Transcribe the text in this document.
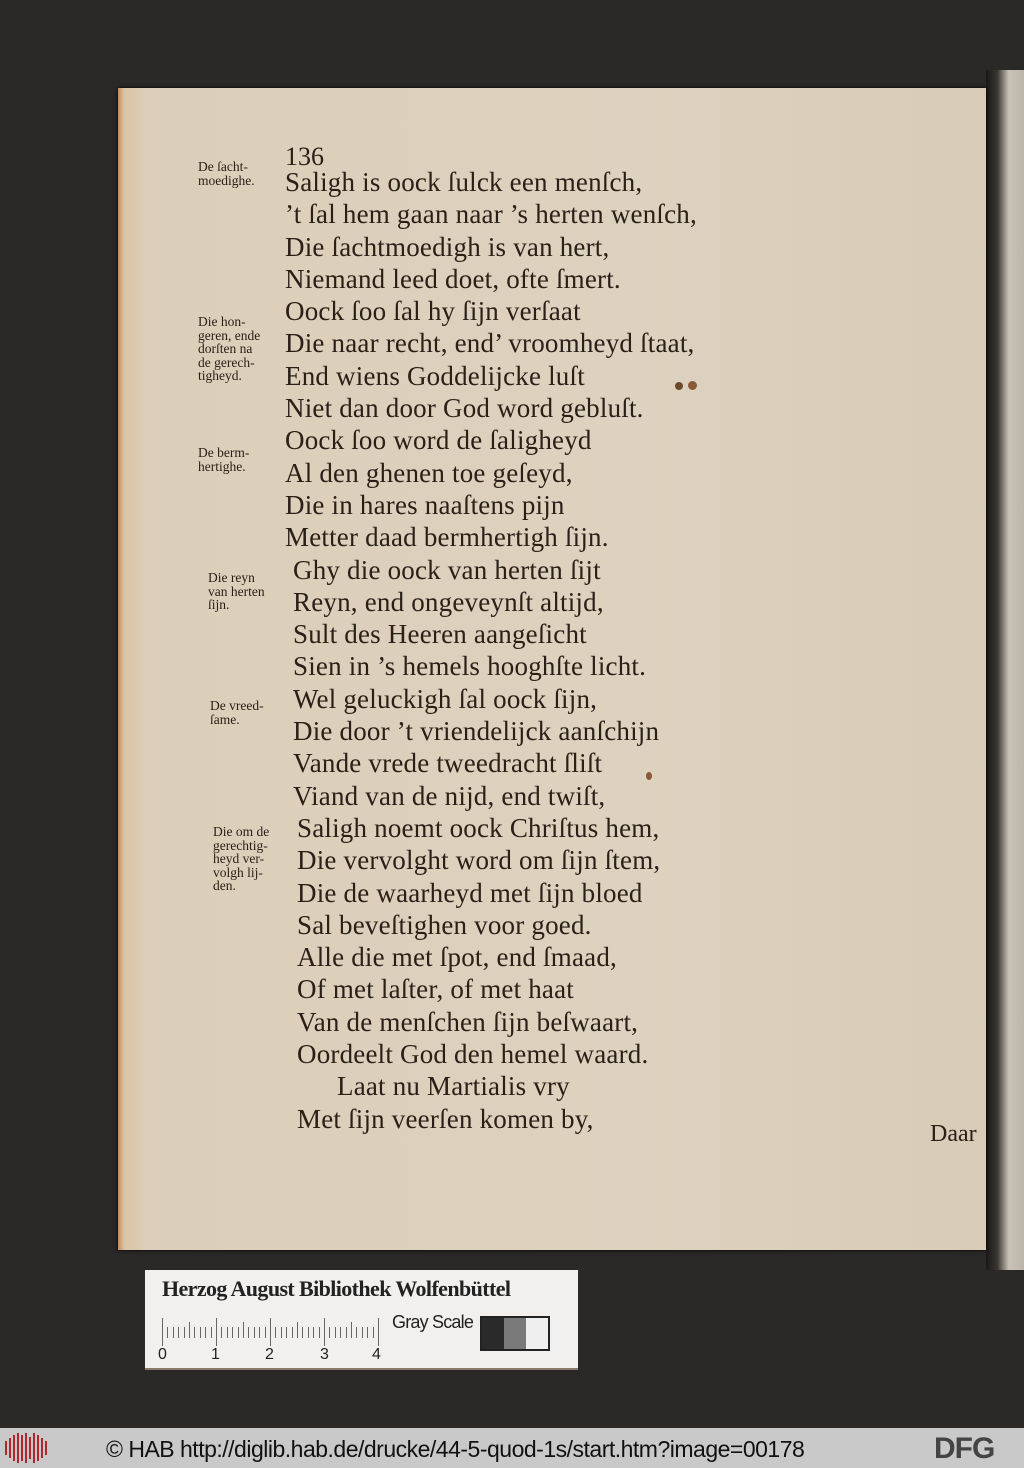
136
Saligh is oock ſulck een menſch,
’t ſal hem gaan naar ’s herten wenſch,
Die ſachtmoedigh is van hert,
Niemand leed doet, ofte ſmert.
Oock ſoo ſal hy ſijn verſaat
Die naar recht, end’ vroomheyd ſtaat,
End wiens Goddelijcke luſt
Niet dan door God word gebluſt.
Oock ſoo word de ſaligheyd
Al den ghenen toe geſeyd,
Die in hares naaſtens pijn
Metter daad bermhertigh ſijn.
Ghy die oock van herten ſijt
Reyn, end ongeveynſt altijd,
Sult des Heeren aangeſicht
Sien in ’s hemels hooghſte licht.
Wel geluckigh ſal oock ſijn,
Die door ’t vriendelijck aanſchijn
Vande vrede tweedracht ſliſt
Viand van de nijd, end twiſt,
Saligh noemt oock Chriſtus hem,
Die vervolght word om ſijn ſtem,
Die de waarheyd met ſijn bloed
Sal beveſtighen voor goed.
Alle die met ſpot, end ſmaad,
Of met laſter, of met haat
Van de menſchen ſijn beſwaart,
Oordeelt God den hemel waard.
Laat nu Martialis vry
Met ſijn veerſen komen by,
De ſacht-
moedighe.
Die hon-
geren, ende
dorſten na
de gerech-
tigheyd.
De berm-
hertighe.
Die reyn
van herten
ſijn.
De vreed-
ſame.
Die om de
gerechtig-
heyd ver-
volgh lij-
den.
Daar
Herzog August Bibliothek Wolfenbüttel
0	1	2	3	4
Gray Scale
© HAB http://diglib.hab.de/drucke/44-5-quod-1s/start.htm?image=00178	DFG
